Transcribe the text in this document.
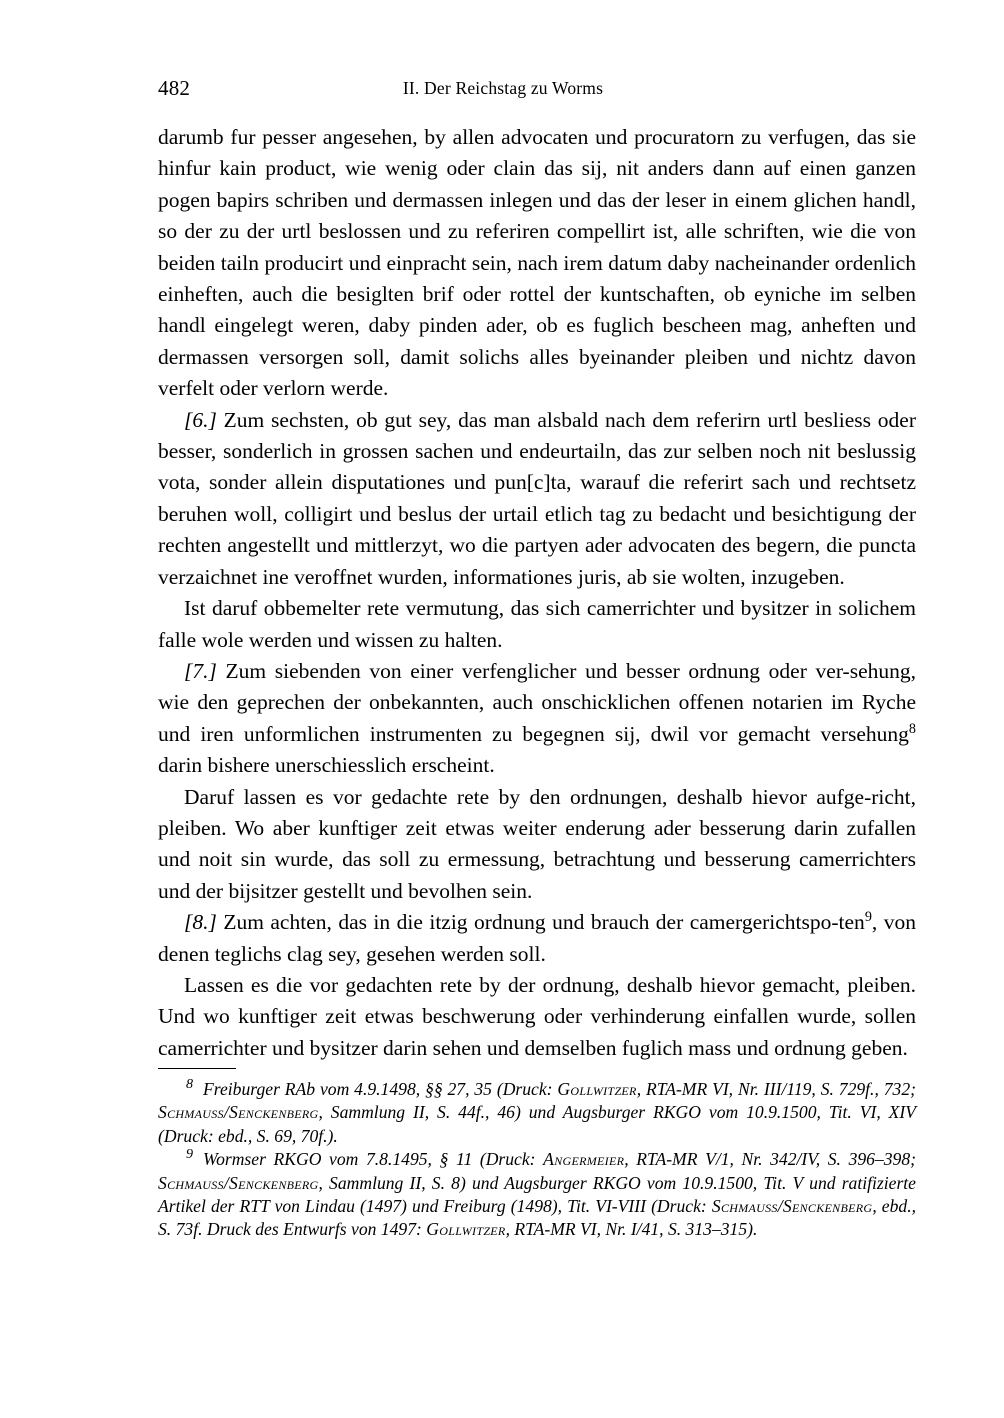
482	II. Der Reichstag zu Worms

darumb fur pesser angesehen, by allen advocaten und procuratorn zu verfugen, das sie hinfur kain product, wie wenig oder clain das sij, nit anders dann auf einen ganzen pogen bapirs schriben und dermassen inlegen und das der leser in einem glichen handl, so der zu der urtl beslossen und zu referiren compellirt ist, alle schriften, wie die von beiden tailn producirt und einpracht sein, nach irem datum daby nacheinander ordenlich einheften, auch die besiglten brif oder rottel der kuntschaften, ob eyniche im selben handl eingelegt weren, daby pinden ader, ob es fuglich bescheen mag, anheften und dermassen versorgen soll, damit solichs alles byeinander pleiben und nichtz davon verfelt oder verlorn werde.

[6.] Zum sechsten, ob gut sey, das man alsbald nach dem referirn urtl besliess oder besser, sonderlich in grossen sachen und endeurtailn, das zur selben noch nit beslussig vota, sonder allein disputationes und pun[c]ta, warauf die referirt sach und rechtsetz beruhen woll, colligirt und beslus der urtail etlich tag zu bedacht und besichtigung der rechten angestellt und mittlerzyt, wo die partyen ader advocaten des begern, die puncta verzaichnet ine veroffnet wurden, informationes juris, ab sie wolten, inzugeben.

Ist daruf obbemelter rete vermutung, das sich camerrichter und bysitzer in solichem falle wole werden und wissen zu halten.

[7.] Zum siebenden von einer verfenglicher und besser ordnung oder ver-sehung, wie den geprechen der onbekannten, auch onschicklichen offenen notarien im Ryche und iren unformlichen instrumenten zu begegnen sij, dwil vor gemacht versehung$^8$ darin bishere unerschiesslich erscheint.

Daruf lassen es vor gedachte rete by den ordnungen, deshalb hievor aufge-richt, pleiben. Wo aber kunftiger zeit etwas weiter enderung ader besserung darin zufallen und noit sin wurde, das soll zu ermessung, betrachtung und besserung camerrichters und der bijsitzer gestellt und bevolhen sein.

[8.] Zum achten, das in die itzig ordnung und brauch der camergerichtspo-ten$^9$, von denen teglichs clag sey, gesehen werden soll.

Lassen es die vor gedachten rete by der ordnung, deshalb hievor gemacht, pleiben. Und wo kunftiger zeit etwas beschwerung oder verhinderung einfallen wurde, sollen camerrichter und bysitzer darin sehen und demselben fuglich mass und ordnung geben.

$^8$ Freiburger RAb vom 4.9.1498, §§ 27, 35 (Druck: Gollwitzer, RTA-MR VI, Nr. III/119, S. 729f., 732; Schmauss/Senckenberg, Sammlung II, S. 44f., 46) und Augsburger RKGO vom 10.9.1500, Tit. VI, XIV (Druck: ebd., S. 69, 70f.).

$^9$ Wormser RKGO vom 7.8.1495, § 11 (Druck: Angermeier, RTA-MR V/1, Nr. 342/IV, S. 396–398; Schmauss/Senckenberg, Sammlung II, S. 8) und Augsburger RKGO vom 10.9.1500, Tit. V und ratifizierte Artikel der RTT von Lindau (1497) und Freiburg (1498), Tit. VI-VIII (Druck: Schmauss/Senckenberg, ebd., S. 73f. Druck des Entwurfs von 1497: Gollwitzer, RTA-MR VI, Nr. I/41, S. 313–315).
